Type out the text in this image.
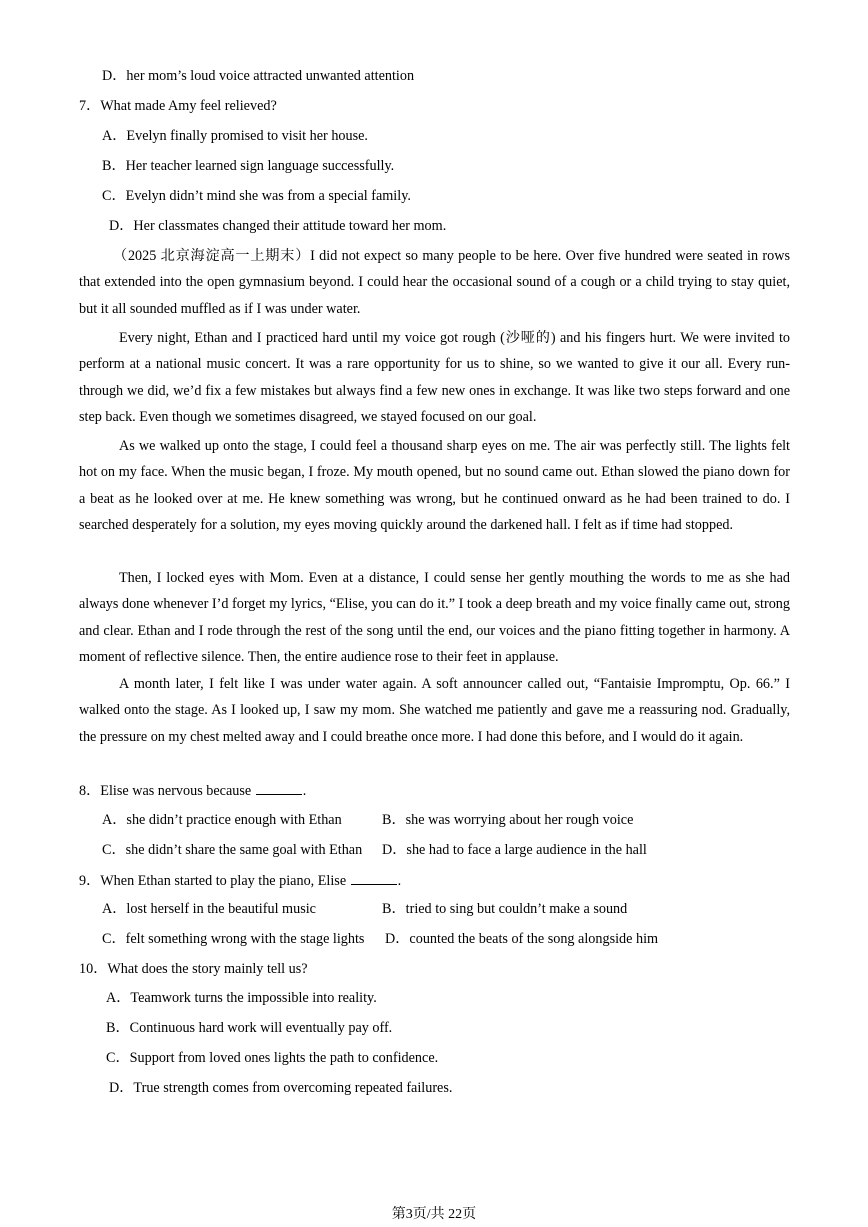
D．her mom’s loud voice attracted unwanted attention
7．What made Amy feel relieved?
A．Evelyn finally promised to visit her house.
B．Her teacher learned sign language successfully.
C．Evelyn didn’t mind she was from a special family.
D．Her classmates changed their attitude toward her mom.
（2025 北京海淀高一上期末）I did not expect so many people to be here. Over five hundred were seated in rows that extended into the open gymnasium beyond. I could hear the occasional sound of a cough or a child trying to stay quiet, but it all sounded muffled as if I was under water.
Every night, Ethan and I practiced hard until my voice got rough (沙哑的) and his fingers hurt. We were invited to perform at a national music concert. It was a rare opportunity for us to shine, so we wanted to give it our all. Every run-through we did, we’d fix a few mistakes but always find a few new ones in exchange. It was like two steps forward and one step back. Even though we sometimes disagreed, we stayed focused on our goal.
As we walked up onto the stage, I could feel a thousand sharp eyes on me. The air was perfectly still. The lights felt hot on my face. When the music began, I froze. My mouth opened, but no sound came out. Ethan slowed the piano down for a beat as he looked over at me. He knew something was wrong, but he continued onward as he had been trained to do. I searched desperately for a solution, my eyes moving quickly around the darkened hall. I felt as if time had stopped.
Then, I locked eyes with Mom. Even at a distance, I could sense her gently mouthing the words to me as she had always done whenever I’d forget my lyrics, “Elise, you can do it.” I took a deep breath and my voice finally came out, strong and clear. Ethan and I rode through the rest of the song until the end, our voices and the piano fitting together in harmony. A moment of reflective silence. Then, the entire audience rose to their feet in applause.
A month later, I felt like I was under water again. A soft announcer called out, “Fantaisie Impromptu, Op. 66.” I walked onto the stage. As I looked up, I saw my mom. She watched me patiently and gave me a reassuring nod. Gradually, the pressure on my chest melted away and I could breathe once more. I had done this before, and I would do it again.
8．Elise was nervous because	.
A．she didn’t practice enough with Ethan	B．she was worrying about her rough voice
C．she didn’t share the same goal with Ethan D．she had to face a large audience in the hall
9．When Ethan started to play the piano, Elise	.
A．lost herself in the beautiful music	B．tried to sing but couldn’t make a sound
C．felt something wrong with the stage lights D．counted the beats of the song alongside him
10．What does the story mainly tell us?
A．Teamwork turns the impossible into reality.
B．Continuous hard work will eventually pay off.
C．Support from loved ones lights the path to confidence.
D．True strength comes from overcoming repeated failures.
第3页/共 22页
